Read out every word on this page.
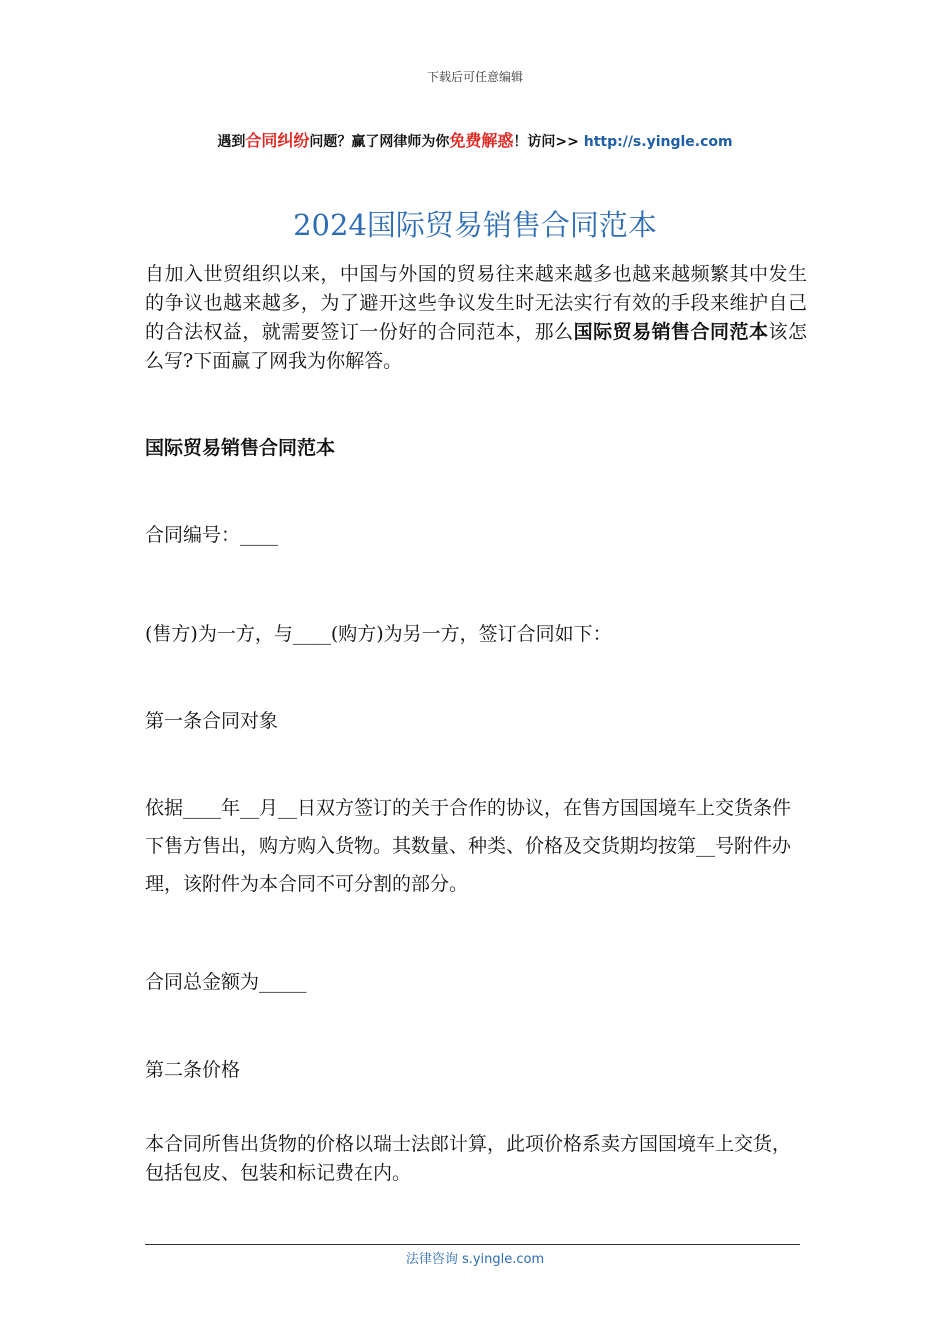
下载后可任意编辑
遇到合同纠纷问题？赢了网律师为你免费解惑！访问>> http://s.yingle.com
2024国际贸易销售合同范本
自加入世贸组织以来，中国与外国的贸易往来越来越多也越来越频繁其中发生的争议也越来越多，为了避开这些争议发生时无法实行有效的手段来维护自己的合法权益，就需要签订一份好的合同范本，那么国际贸易销售合同范本该怎么写?下面赢了网我为你解答。
国际贸易销售合同范本
合同编号：____
(售方)为一方，与____(购方)为另一方，签订合同如下：
第一条合同对象
依据____年__月__日双方签订的关于合作的协议，在售方国国境车上交货条件下售方售出，购方购入货物。其数量、种类、价格及交货期均按第__号附件办理，该附件为本合同不可分割的部分。
合同总金额为_____
第二条价格
本合同所售出货物的价格以瑞士法郎计算，此项价格系卖方国国境车上交货，包括包皮、包装和标记费在内。
法律咨询 s.yingle.com
